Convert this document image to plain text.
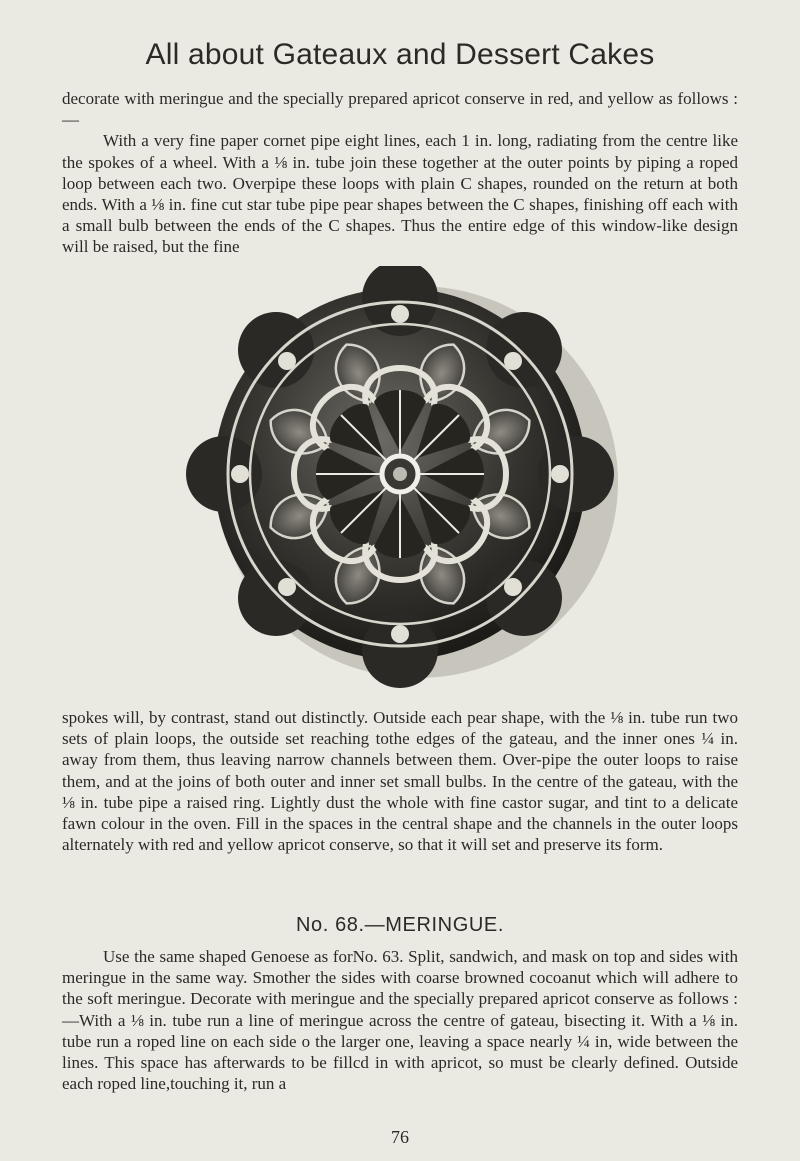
All about Gateaux and Dessert Cakes

decorate with meringue and the specially prepared apricot conserve in red, and yellow as follows :—

With a very fine paper cornet pipe eight lines, each 1 in. long, radiating from the centre like the spokes of a wheel. With a ⅛ in. tube join these together at the outer points by piping a roped loop between each two. Overpipe these loops with plain C shapes, rounded on the return at both ends. With a ⅛ in. fine cut star tube pipe pear shapes between the C shapes, finishing off each with a small bulb between the ends of the C shapes. Thus the entire edge of this window-like design will be raised, but the fine

No. 67.

spokes will, by contrast, stand out distinctly. Outside each pear shape, with the ⅛ in. tube run two sets of plain loops, the outside set reaching tothe edges of the gateau, and the inner ones ¼ in. away from them, thus leaving narrow channels between them. Over-pipe the outer loops to raise them, and at the joins of both outer and inner set small bulbs. In the centre of the gateau, with the ⅛ in. tube pipe a raised ring. Lightly dust the whole with fine castor sugar, and tint to a delicate fawn colour in the oven. Fill in the spaces in the central shape and the channels in the outer loops alternately with red and yellow apricot conserve, so that it will set and preserve its form.

No. 68.—MERINGUE.

Use the same shaped Genoese as forNo. 63. Split, sandwich, and mask on top and sides with meringue in the same way. Smother the sides with coarse browned cocoanut which will adhere to the soft meringue. Decorate with meringue and the specially prepared apricot conserve as follows :—With a ⅛ in. tube run a line of meringue across the centre of gateau, bisecting it. With a ⅛ in. tube run a roped line on each side o the larger one, leaving a space nearly ¼ in, wide between the lines. This space has afterwards to be fillcd in with apricot, so must be clearly defined. Outside each roped line,touching it, run a

76
